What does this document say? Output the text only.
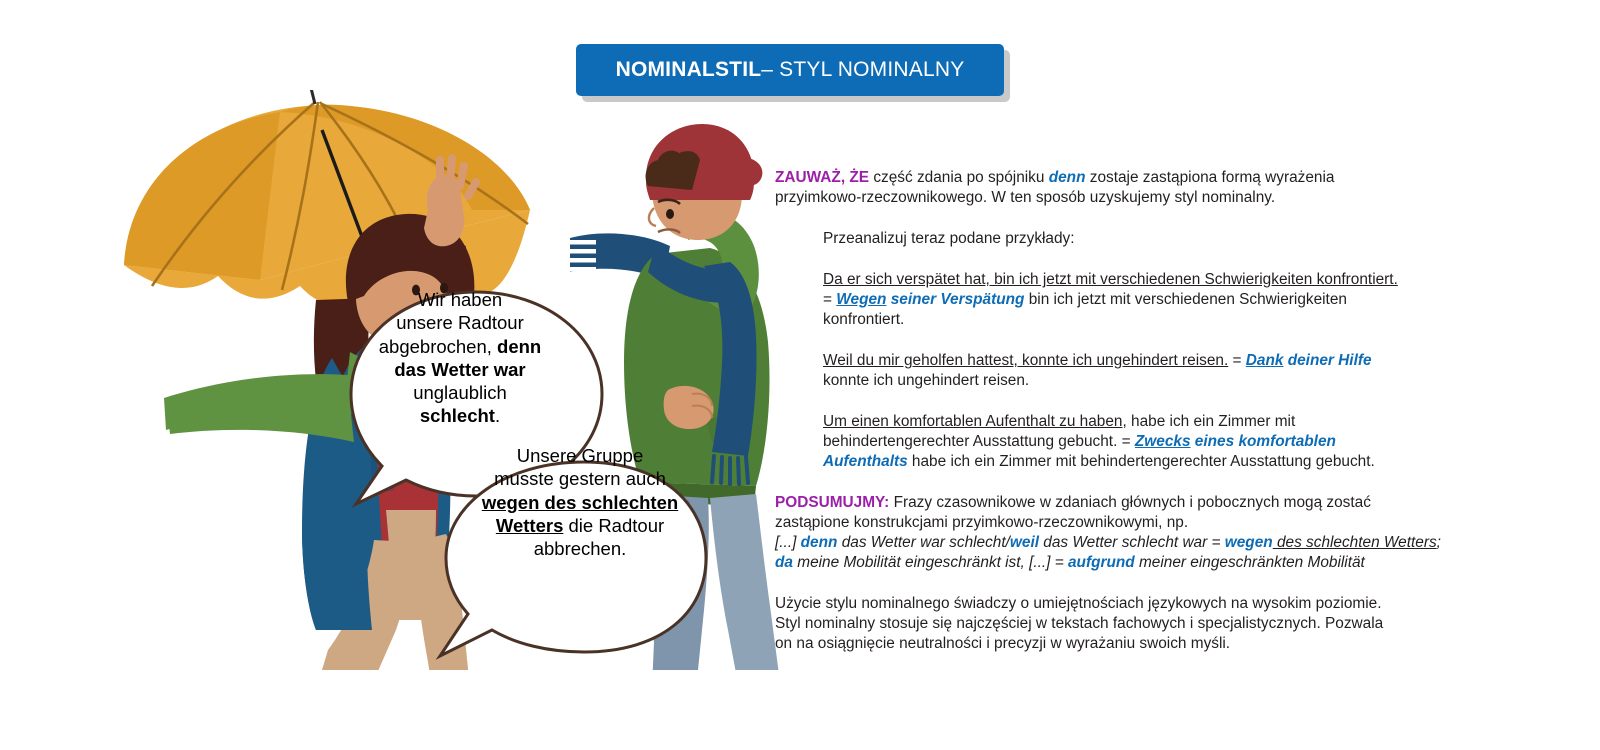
NOMINALSTIL – STYL NOMINALNY
Wir haben
unsere Radtour
abgebrochen, denn
das Wetter war
unglaublich
schlecht.
Unsere Gruppe
musste gestern auch
wegen des schlechten
Wetters die Radtour
abbrechen.

ZAUWAŻ, ŻE część zdania po spójniku denn zostaje zastąpiona formą wyrażenia
przyimkowo-rzeczownikowego. W ten sposób uzyskujemy styl nominalny.

Przeanalizuj teraz podane przykłady:

Da er sich verspätet hat, bin ich jetzt mit verschiedenen Schwierigkeiten konfrontiert.
= Wegen seiner Verspätung bin ich jetzt mit verschiedenen Schwierigkeiten
konfrontiert.

Weil du mir geholfen hattest, konnte ich ungehindert reisen. = Dank deiner Hilfe
konnte ich ungehindert reisen.

Um einen komfortablen Aufenthalt zu haben, habe ich ein Zimmer mit
behindertengerechter Ausstattung gebucht. = Zwecks eines komfortablen
Aufenthalts habe ich ein Zimmer mit behindertengerechter Ausstattung gebucht.

PODSUMUJMY: Frazy czasownikowe w zdaniach głównych i pobocznych mogą zostać
zastąpione konstrukcjami przyimkowo-rzeczownikowymi, np.
[...] denn das Wetter war schlecht/weil das Wetter schlecht war = wegen des schlechten Wetters;
da meine Mobilität eingeschränkt ist, [...] = aufgrund meiner eingeschränkten Mobilität

Użycie stylu nominalnego świadczy o umiejętnościach językowych na wysokim poziomie.
Styl nominalny stosuje się najczęściej w tekstach fachowych i specjalistycznych. Pozwala
on na osiągnięcie neutralności i precyzji w wyrażaniu swoich myśli.
